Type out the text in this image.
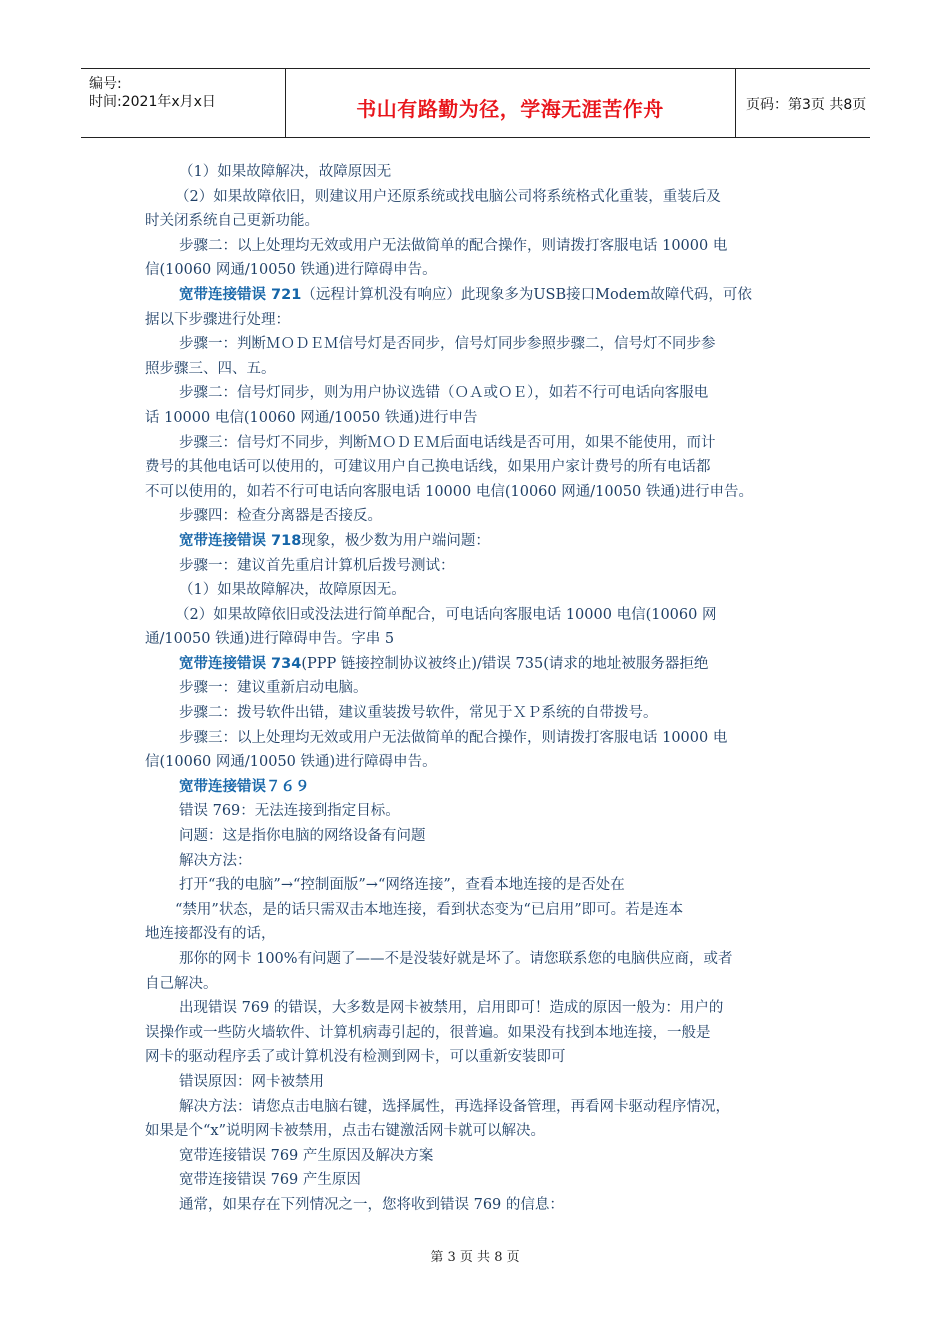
编号:
时间:2021年x月x日	书山有路勤为径，学海无涯苦作舟	页码：第3页 共8页
（1）如果故障解决，故障原因无
（2）如果故障依旧，则建议用户还原系统或找电脑公司将系统格式化重装，重装后及
时关闭系统自己更新功能。
步骤二：以上处理均无效或用户无法做简单的配合操作，则请拨打客服电话 10000 电
信(10060 网通/10050 铁通)进行障碍申告。
宽带连接错误 721（远程计算机没有响应）此现象多为USB接口Modem故障代码，可依
据以下步骤进行处理：
步骤一：判断ＭＯＤＥＭ信号灯是否同步，信号灯同步参照步骤二，信号灯不同步参
照步骤三、四、五。
步骤二：信号灯同步，则为用户协议选错（ＯＡ或ＯＥ），如若不行可电话向客服电
话 10000 电信(10060 网通/10050 铁通)进行申告
步骤三：信号灯不同步，判断ＭＯＤＥＭ后面电话线是否可用，如果不能使用，而计
费号的其他电话可以使用的，可建议用户自己换电话线，如果用户家计费号的所有电话都
不可以使用的，如若不行可电话向客服电话 10000 电信(10060 网通/10050 铁通)进行申告。
步骤四：检查分离器是否接反。
宽带连接错误 718现象，极少数为用户端问题：
步骤一：建议首先重启计算机后拨号测试：
（1）如果故障解决，故障原因无。
（2）如果故障依旧或没法进行简单配合，可电话向客服电话 10000 电信(10060 网
通/10050 铁通)进行障碍申告。字串 5
宽带连接错误 734(PPP 链接控制协议被终止)/错误 735(请求的地址被服务器拒绝
步骤一：建议重新启动电脑。
步骤二：拨号软件出错，建议重装拨号软件，常见于ＸＰ系统的自带拨号。
步骤三：以上处理均无效或用户无法做简单的配合操作，则请拨打客服电话 10000 电
信(10060 网通/10050 铁通)进行障碍申告。
宽带连接错误７６９
错误 769：无法连接到指定目标。
问题：这是指你电脑的网络设备有问题
解决方法：
打开“我的电脑”→“控制面版”→“网络连接”，查看本地连接的是否处在
“禁用”状态，是的话只需双击本地连接，看到状态变为“已启用”即可。若是连本
地连接都没有的话，
那你的网卡 100%有问题了——不是没装好就是坏了。请您联系您的电脑供应商，或者
自己解决。
出现错误 769 的错误，大多数是网卡被禁用，启用即可！造成的原因一般为：用户的
误操作或一些防火墙软件、计算机病毒引起的，很普遍。如果没有找到本地连接，一般是
网卡的驱动程序丢了或计算机没有检测到网卡，可以重新安装即可
错误原因：网卡被禁用
解决方法：请您点击电脑右键，选择属性，再选择设备管理，再看网卡驱动程序情况，
如果是个“x”说明网卡被禁用，点击右键激活网卡就可以解决。
宽带连接错误 769 产生原因及解决方案
宽带连接错误 769 产生原因
通常，如果存在下列情况之一，您将收到错误 769 的信息：
第 3 页 共 8 页
